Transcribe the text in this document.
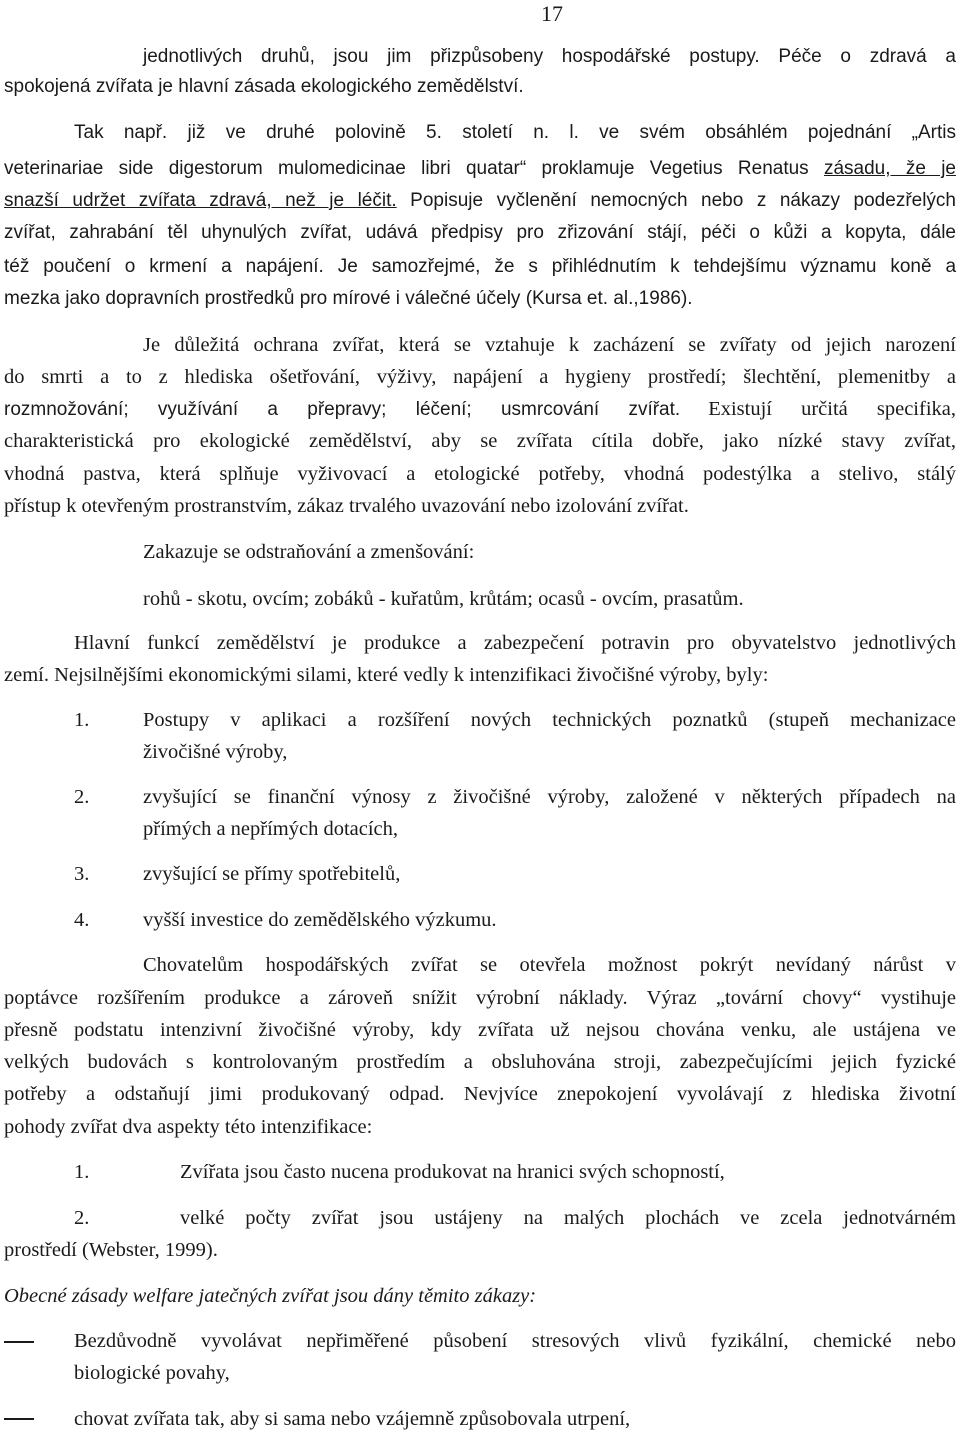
17
jednotlivých druhů, jsou jim přizpůsobeny hospodářské postupy. Péče o zdravá a
spokojená zvířata je hlavní zásada ekologického zemědělství.
Tak např. již ve druhé polovině 5. století n. l. ve svém obsáhlém pojednání „Artis
veterinariae side digestorum mulomedicinae libri quatar“ proklamuje Vegetius Renatus zásadu, že je
snazší udržet zvířata zdravá, než je léčit. Popisuje vyčlenění nemocných nebo z nákazy podezřelých
zvířat, zahrabání těl uhynulých zvířat, udává předpisy pro zřizování stájí, péči o kůži a kopyta, dále
též poučení o krmení a napájení. Je samozřejmé, že s přihlédnutím k tehdejšímu významu koně a
mezka jako dopravních prostředků pro mírové i válečné účely (Kursa et. al.,1986).
Je důležitá ochrana zvířat, která se vztahuje k zacházení se zvířaty od jejich narození
do smrti a to z hlediska ošetřování, výživy, napájení a hygieny prostředí; šlechtění, plemenitby a
rozmnožování; využívání a přepravy; léčení; usmrcování zvířat. Existují určitá specifika,
charakteristická pro ekologické zemědělství, aby se zvířata cítila dobře, jako nízké stavy zvířat,
vhodná pastva, která splňuje vyživovací a etologické potřeby, vhodná podestýlka a stelivo, stálý
přístup k otevřeným prostranstvím, zákaz trvalého uvazování nebo izolování zvířat.
Zakazuje se odstraňování a zmenšování:
rohů - skotu, ovcím; zobáků - kuřatům, krůtám; ocasů - ovcím, prasatům.
Hlavní funkcí zemědělství je produkce a zabezpečení potravin pro obyvatelstvo jednotlivých
zemí. Nejsilnějšími ekonomickými silami, které vedly k intenzifikaci živočišné výroby, byly:
1.	Postupy v aplikaci a rozšíření nových technických poznatků (stupeň mechanizace
živočišné výroby,
2.	zvyšující se finanční výnosy z živočišné výroby, založené v některých případech na
přímých a nepřímých dotacích,
3.	zvyšující se přímy spotřebitelů,
4.	vyšší investice do zemědělského výzkumu.
Chovatelům hospodářských zvířat se otevřela možnost pokrýt nevídaný nárůst v
poptávce rozšířením produkce a zároveň snížit výrobní náklady. Výraz „tovární chovy“ vystihuje
přesně podstatu intenzivní živočišné výroby, kdy zvířata už nejsou chována venku, ale ustájena ve
velkých budovách s kontrolovaným prostředím a obsluhována stroji, zabezpečujícími jejich fyzické
potřeby a odstaňují jimi produkovaný odpad. Nevjvíce znepokojení vyvolávají z hlediska životní
pohody zvířat dva aspekty této intenzifikace:
1.	Zvířata jsou často nucena produkovat na hranici svých schopností,
2.	velké počty zvířat jsou ustájeny na malých plochách ve zcela jednotvárném
prostředí (Webster, 1999).
Obecné zásady welfare jatečných zvířat jsou dány těmito zákazy:
Bezdůvodně vyvolávat nepřiměřené působení stresových vlivů fyzikální, chemické nebo
biologické povahy,
chovat zvířata tak, aby si sama nebo vzájemně způsobovala utrpení,
